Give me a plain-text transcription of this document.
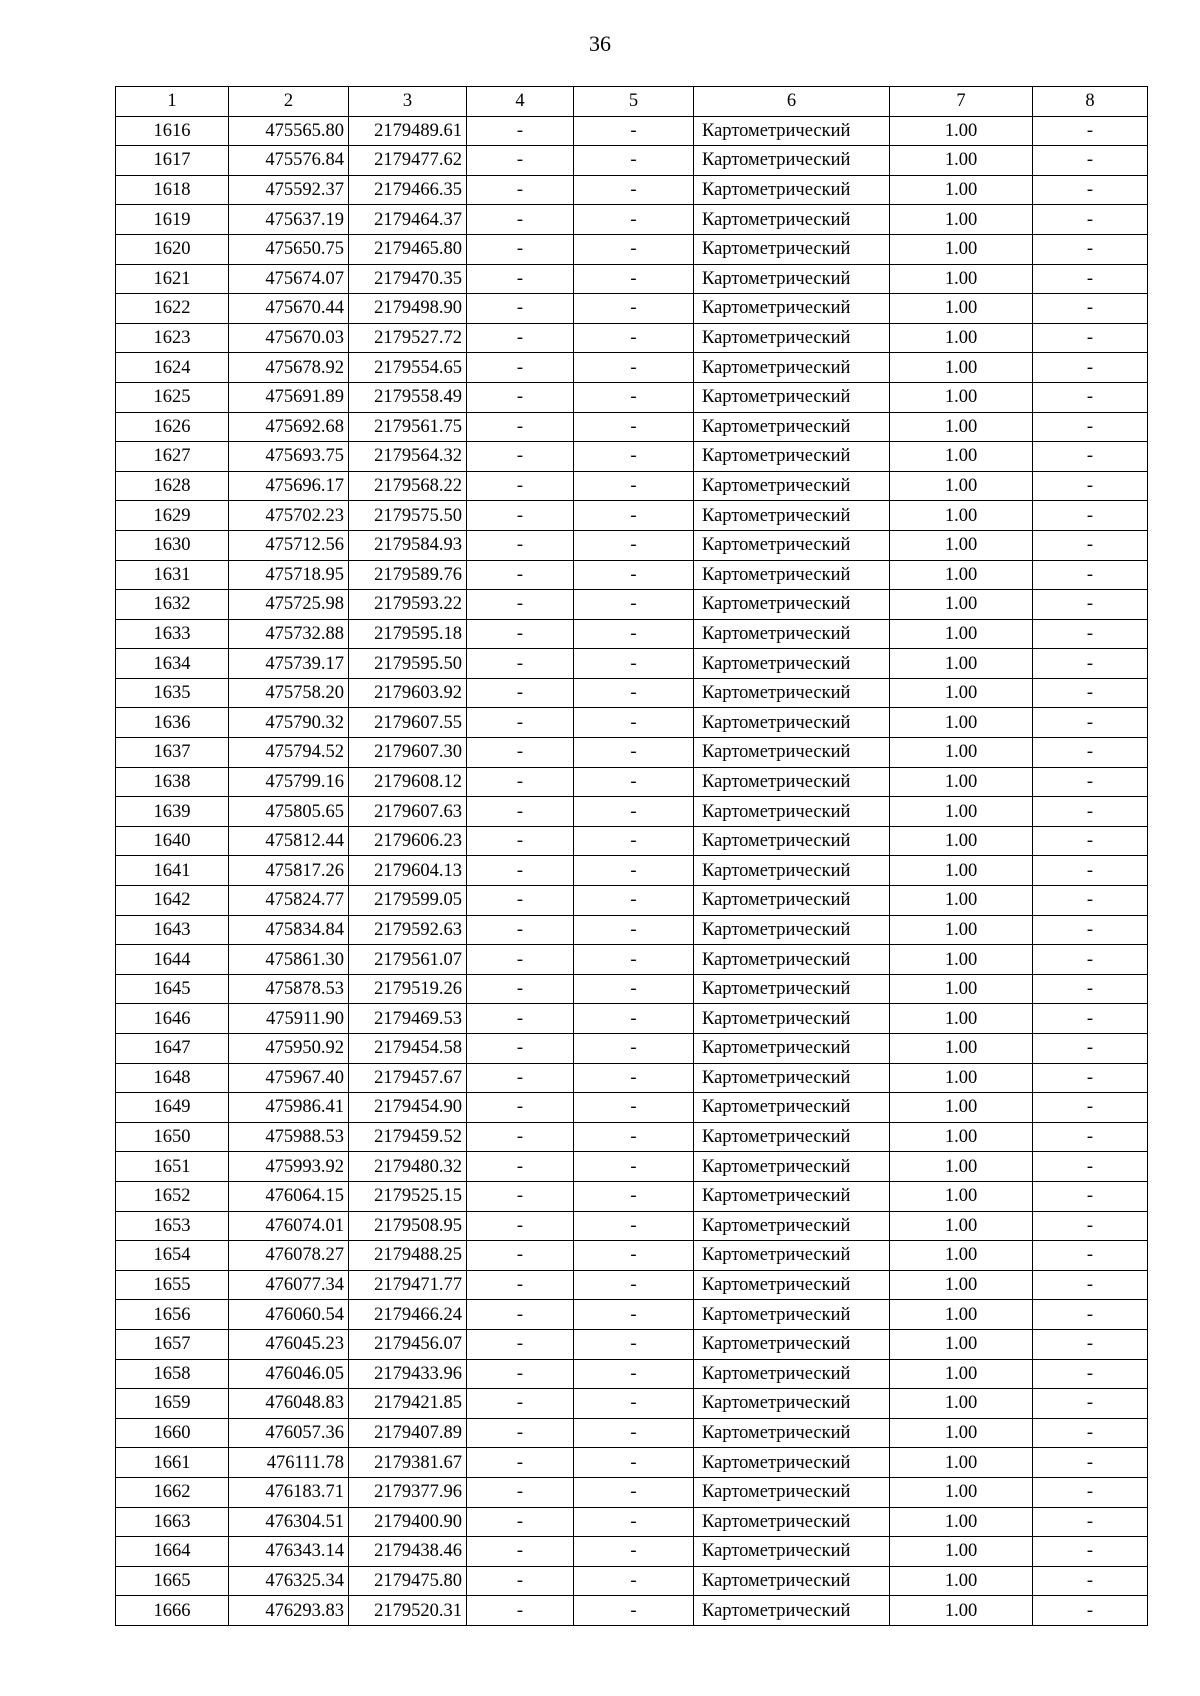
36
1	2	3	4	5	6	7	8
1616	475565.80	2179489.61	-	-	Картометрический	1.00	-
1617	475576.84	2179477.62	-	-	Картометрический	1.00	-
1618	475592.37	2179466.35	-	-	Картометрический	1.00	-
1619	475637.19	2179464.37	-	-	Картометрический	1.00	-
1620	475650.75	2179465.80	-	-	Картометрический	1.00	-
1621	475674.07	2179470.35	-	-	Картометрический	1.00	-
1622	475670.44	2179498.90	-	-	Картометрический	1.00	-
1623	475670.03	2179527.72	-	-	Картометрический	1.00	-
1624	475678.92	2179554.65	-	-	Картометрический	1.00	-
1625	475691.89	2179558.49	-	-	Картометрический	1.00	-
1626	475692.68	2179561.75	-	-	Картометрический	1.00	-
1627	475693.75	2179564.32	-	-	Картометрический	1.00	-
1628	475696.17	2179568.22	-	-	Картометрический	1.00	-
1629	475702.23	2179575.50	-	-	Картометрический	1.00	-
1630	475712.56	2179584.93	-	-	Картометрический	1.00	-
1631	475718.95	2179589.76	-	-	Картометрический	1.00	-
1632	475725.98	2179593.22	-	-	Картометрический	1.00	-
1633	475732.88	2179595.18	-	-	Картометрический	1.00	-
1634	475739.17	2179595.50	-	-	Картометрический	1.00	-
1635	475758.20	2179603.92	-	-	Картометрический	1.00	-
1636	475790.32	2179607.55	-	-	Картометрический	1.00	-
1637	475794.52	2179607.30	-	-	Картометрический	1.00	-
1638	475799.16	2179608.12	-	-	Картометрический	1.00	-
1639	475805.65	2179607.63	-	-	Картометрический	1.00	-
1640	475812.44	2179606.23	-	-	Картометрический	1.00	-
1641	475817.26	2179604.13	-	-	Картометрический	1.00	-
1642	475824.77	2179599.05	-	-	Картометрический	1.00	-
1643	475834.84	2179592.63	-	-	Картометрический	1.00	-
1644	475861.30	2179561.07	-	-	Картометрический	1.00	-
1645	475878.53	2179519.26	-	-	Картометрический	1.00	-
1646	475911.90	2179469.53	-	-	Картометрический	1.00	-
1647	475950.92	2179454.58	-	-	Картометрический	1.00	-
1648	475967.40	2179457.67	-	-	Картометрический	1.00	-
1649	475986.41	2179454.90	-	-	Картометрический	1.00	-
1650	475988.53	2179459.52	-	-	Картометрический	1.00	-
1651	475993.92	2179480.32	-	-	Картометрический	1.00	-
1652	476064.15	2179525.15	-	-	Картометрический	1.00	-
1653	476074.01	2179508.95	-	-	Картометрический	1.00	-
1654	476078.27	2179488.25	-	-	Картометрический	1.00	-
1655	476077.34	2179471.77	-	-	Картометрический	1.00	-
1656	476060.54	2179466.24	-	-	Картометрический	1.00	-
1657	476045.23	2179456.07	-	-	Картометрический	1.00	-
1658	476046.05	2179433.96	-	-	Картометрический	1.00	-
1659	476048.83	2179421.85	-	-	Картометрический	1.00	-
1660	476057.36	2179407.89	-	-	Картометрический	1.00	-
1661	476111.78	2179381.67	-	-	Картометрический	1.00	-
1662	476183.71	2179377.96	-	-	Картометрический	1.00	-
1663	476304.51	2179400.90	-	-	Картометрический	1.00	-
1664	476343.14	2179438.46	-	-	Картометрический	1.00	-
1665	476325.34	2179475.80	-	-	Картометрический	1.00	-
1666	476293.83	2179520.31	-	-	Картометрический	1.00	-
